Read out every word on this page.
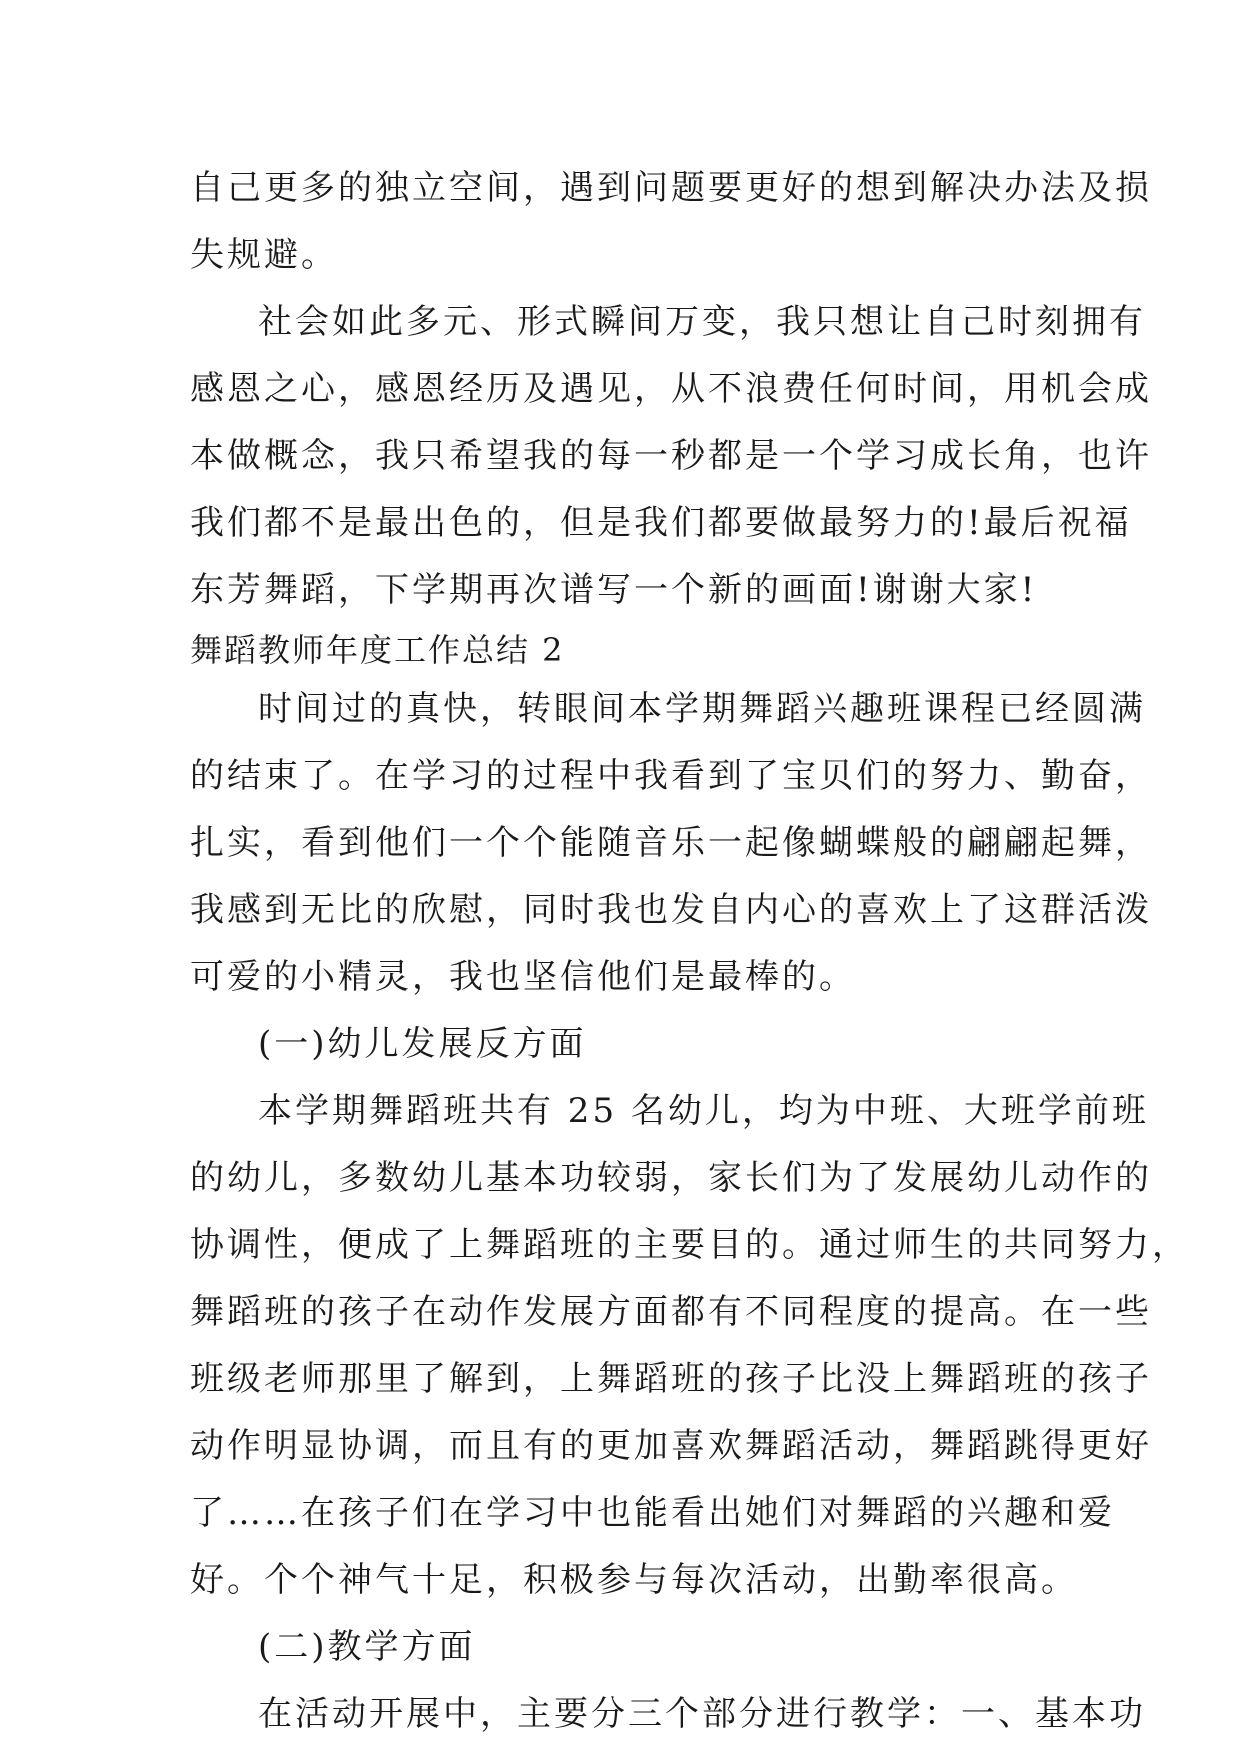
自己更多的独立空间，遇到问题要更好的想到解决办法及损
失规避。
社会如此多元、形式瞬间万变，我只想让自己时刻拥有
感恩之心，感恩经历及遇见，从不浪费任何时间，用机会成
本做概念，我只希望我的每一秒都是一个学习成长角，也许
我们都不是最出色的，但是我们都要做最努力的!最后祝福
东芳舞蹈，下学期再次谱写一个新的画面!谢谢大家!
舞蹈教师年度工作总结 2
时间过的真快，转眼间本学期舞蹈兴趣班课程已经圆满
的结束了。在学习的过程中我看到了宝贝们的努力、勤奋，
扎实，看到他们一个个能随音乐一起像蝴蝶般的翩翩起舞，
我感到无比的欣慰，同时我也发自内心的喜欢上了这群活泼
可爱的小精灵，我也坚信他们是最棒的。
(一)幼儿发展反方面
本学期舞蹈班共有 25 名幼儿，均为中班、大班学前班
的幼儿，多数幼儿基本功较弱，家长们为了发展幼儿动作的
协调性，便成了上舞蹈班的主要目的。通过师生的共同努力，
舞蹈班的孩子在动作发展方面都有不同程度的提高。在一些
班级老师那里了解到，上舞蹈班的孩子比没上舞蹈班的孩子
动作明显协调，而且有的更加喜欢舞蹈活动，舞蹈跳得更好
了……在孩子们在学习中也能看出她们对舞蹈的兴趣和爱
好。个个神气十足，积极参与每次活动，出勤率很高。
(二)教学方面
在活动开展中，主要分三个部分进行教学：一、基本功
